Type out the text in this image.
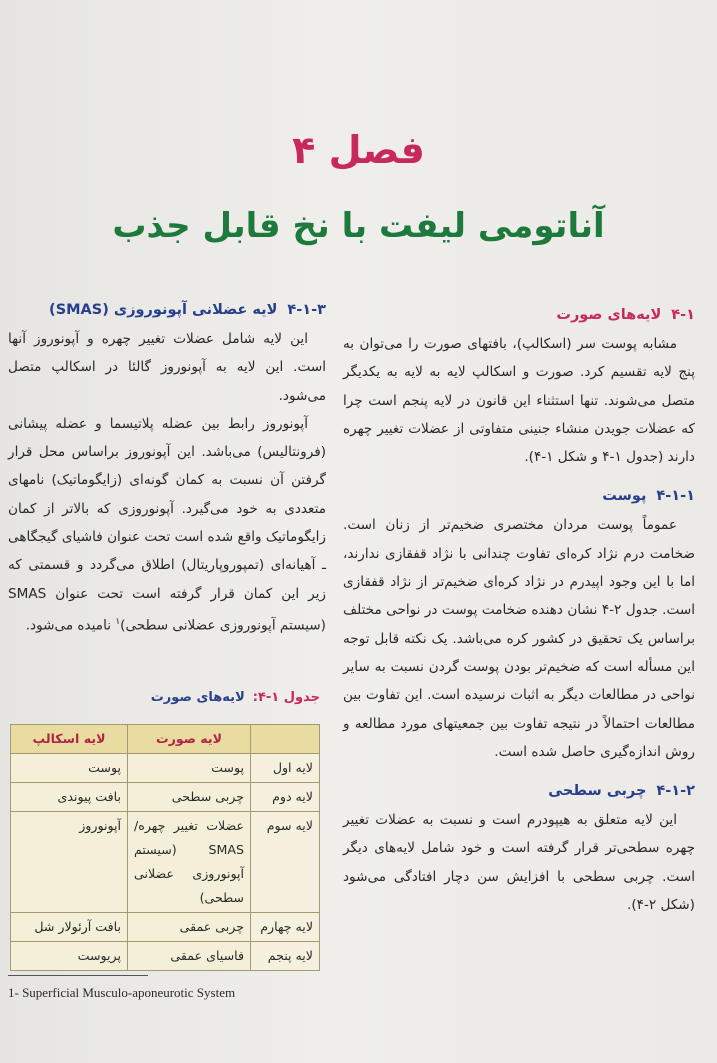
فصل ۴
آناتومی لیفت با نخ قابل جذب
۴-۱لایه‌های صورت

مشابه پوست سر (اسکالپ)، بافتهای صورت را می‌توان به پنج لایه تقسیم کرد. صورت و اسکالپ لایه به لایه به یکدیگر متصل می‌شوند. تنها استثناء این قانون در لایه پنجم است چرا که عضلات جویدن منشاء جنینی متفاوتی از عضلات تغییر چهره دارند (جدول ۱-۴ و شکل ۱-۴).

۴-۱-۱پوست

عموماً پوست مردان مختصری ضخیم‌تر از زنان است. ضخامت درم نژاد کره‌ای تفاوت چندانی با نژاد قفقازی ندارند، اما با این وجود اپیدرم در نژاد کره‌ای ضخیم‌تر از نژاد قفقازی است. جدول ۲-۴ نشان دهنده ضخامت پوست در نواحی مختلف براساس یک تحقیق در کشور کره می‌باشد. یک نکته قابل توجه این مسأله است که ضخیم‌تر بودن پوست گردن نسبت به سایر نواحی در مطالعات دیگر به اثبات نرسیده است. این تفاوت بین مطالعات احتمالاً در نتیجه تفاوت بین جمعیتهای مورد مطالعه و روش اندازه‌گیری حاصل شده است.

۴-۱-۲چربی سطحی

این لایه متعلق به هیپودرم است و نسبت به عضلات تغییر چهره سطحی‌تر قرار گرفته است و خود شامل لایه‌های دیگر است. چربی سطحی با افزایش سن دچار افتادگی می‌شود (شکل ۲-۴).

۴-۱-۳لایه عضلانی آپونوروزی (SMAS)

این لایه شامل عضلات تغییر چهره و آپونوروز آنها است. این لایه به آپونوروز گالئا در اسکالپ متصل می‌شود.

آپونوروز رابط بین عضله پلاتیسما و عضله پیشانی (فرونتالیس) می‌باشد. این آپونوروز براساس محل قرار گرفتن آن نسبت به کمان گونه‌ای (زایگوماتیک) نامهای متعددی به خود می‌گیرد. آپونوروزی که بالاتر از کمان زایگوماتیک واقع شده است تحت عنوان فاشیای گیجگاهی ـ آهیانه‌ای (تمپوروپاریتال) اطلاق می‌گردد و قسمتی که زیر این کمان قرار گرفته است تحت عنوان SMAS (سیستم آپونوروزی عضلانی سطحی)$^۱$ نامیده می‌شود.

جدول ۱-۴:لایه‌های صورت
	لایه صورت	لایه اسکالپ
لایه اول	پوست	پوست
لایه دوم	چربی سطحی	بافت پیوندی
لایه سوم	عضلات تغییر چهره/ SMAS (سیستم آپونوروزی عضلانی سطحی)	آپونوروز
لایه چهارم	چربی عمقی	بافت آرئولار شل
لایه پنجم	فاسیای عمقی	پریوست
1- Superficial Musculo-aponeurotic System
